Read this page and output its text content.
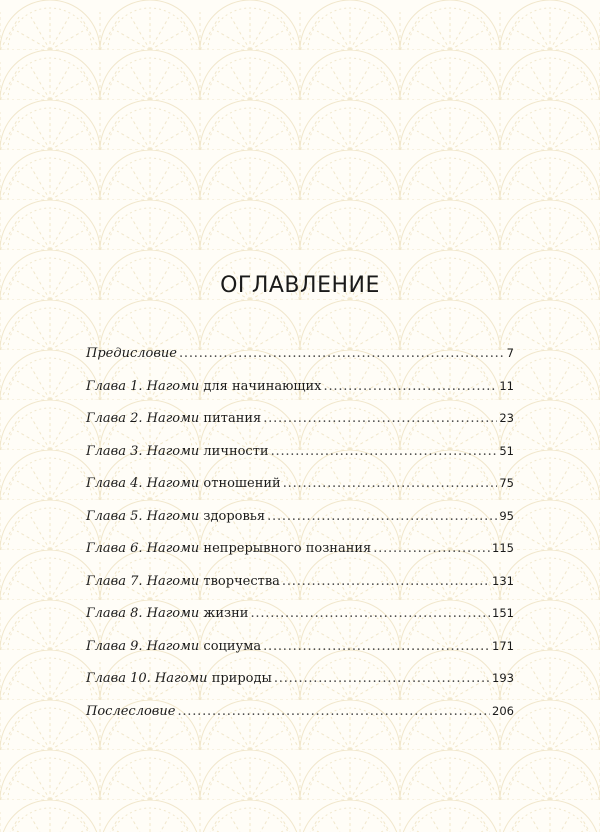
ОГЛАВЛЕНИЕ
Предисловие .....	7
Глава 1. Нагоми для начинающих .....	11
Глава 2. Нагоми питания .....	23
Глава 3. Нагоми личности .....	51
Глава 4. Нагоми отношений .....	75
Глава 5. Нагоми здоровья .....	95
Глава 6. Нагоми непрерывного познания .....	115
Глава 7. Нагоми творчества .....	131
Глава 8. Нагоми жизни .....	151
Глава 9. Нагоми социума .....	171
Глава 10. Нагоми природы .....	193
Послесловие .....	206
